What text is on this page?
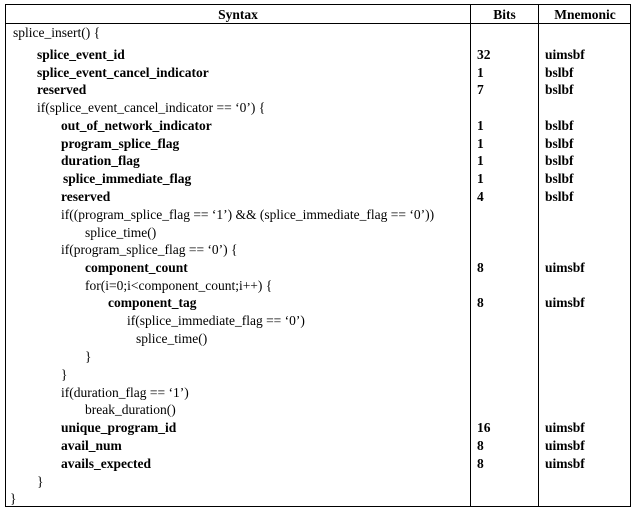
Syntax	Bits	Mnemonic
splice_insert() {
splice_event_id	32	uimsbf
splice_event_cancel_indicator	1	bslbf
reserved	7	bslbf
if(splice_event_cancel_indicator == ‘0’) {
out_of_network_indicator	1	bslbf
program_splice_flag	1	bslbf
duration_flag	1	bslbf
splice_immediate_flag	1	bslbf
reserved	4	bslbf
if((program_splice_flag == ‘1’) && (splice_immediate_flag == ‘0’))
splice_time()
if(program_splice_flag == ‘0’) {
component_count	8	uimsbf
for(i=0;i<component_count;i++) {
component_tag	8	uimsbf
if(splice_immediate_flag == ‘0’)
splice_time()
}
}
if(duration_flag == ‘1’)
break_duration()
unique_program_id	16	uimsbf
avail_num	8	uimsbf
avails_expected	8	uimsbf
}
}
